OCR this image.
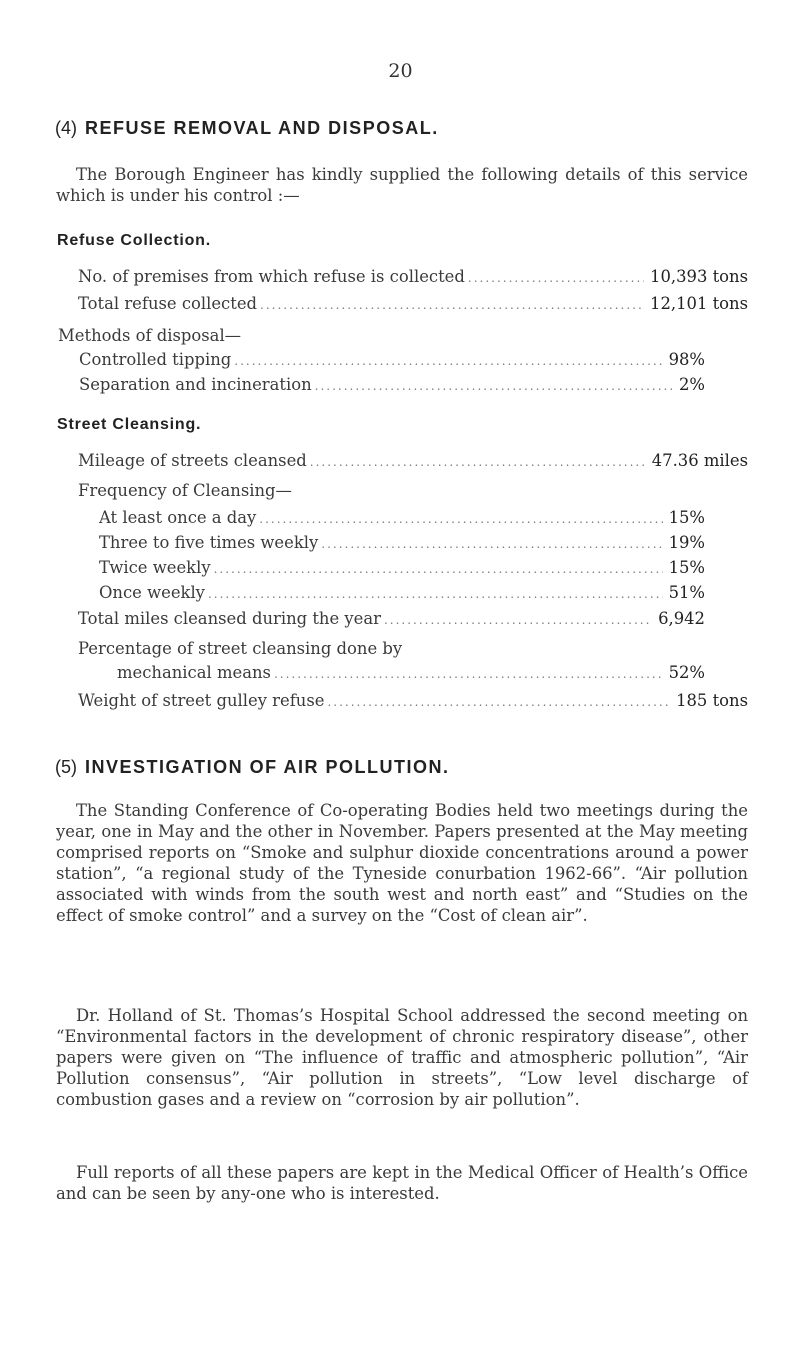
20
(4) REFUSE REMOVAL AND DISPOSAL.
The Borough Engineer has kindly supplied the following details of this service which is under his control :—
Refuse Collection.
No. of premises from which refuse is collected .....	10,393 tons
Total refuse collected .....	12,101 tons
Methods of disposal—
Controlled tipping .....	98%
Separation and incineration .....	2%
Street Cleansing.
Mileage of streets cleansed .....	47.36 miles
Frequency of Cleansing—
At least once a day .....	15%
Three to five times weekly .....	19%
Twice weekly .....	15%
Once weekly .....	51%
Total miles cleansed during the year .....	6,942
Percentage of street cleansing done by
mechanical means .....	52%
Weight of street gulley refuse .....	185 tons
(5) INVESTIGATION OF AIR POLLUTION.
The Standing Conference of Co-operating Bodies held two meetings during the year, one in May and the other in November. Papers presented at the May meeting comprised reports on “Smoke and sulphur dioxide concentrations around a power station”, “a regional study of the Tyneside conurbation 1962-66”. “Air pollution associated with winds from the south west and north east” and “Studies on the effect of smoke control” and a survey on the “Cost of clean air”.
Dr. Holland of St. Thomas’s Hospital School addressed the second meeting on “Environmental factors in the development of chronic respiratory disease”, other papers were given on “The influence of traffic and atmospheric pollution”, “Air Pollution consensus”, “Air pollution in streets”, “Low level discharge of combustion gases and a review on “corrosion by air pollution”.
Full reports of all these papers are kept in the Medical Officer of Health’s Office and can be seen by any-one who is interested.
